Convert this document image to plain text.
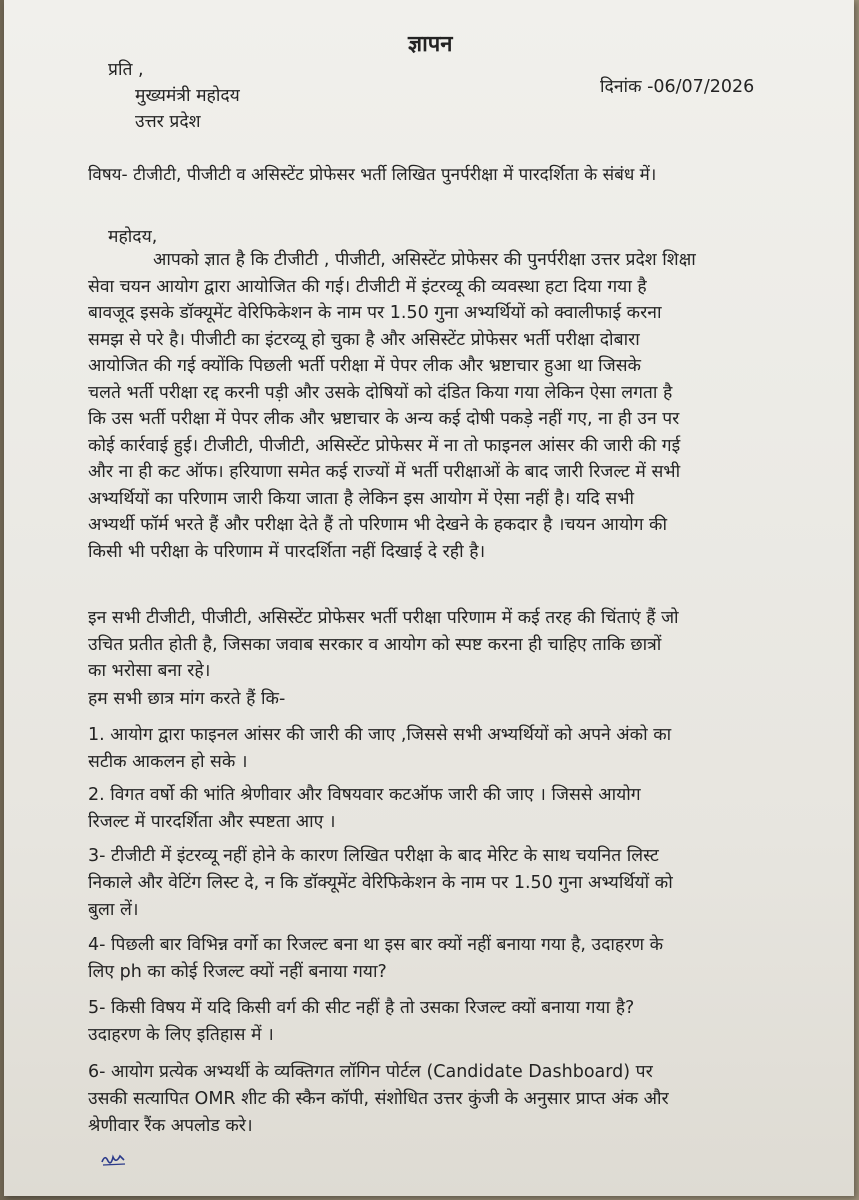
ज्ञापन
प्रति ,
मुख्यमंत्री महोदय
उत्तर प्रदेश
दिनांक -06/07/2026
विषय- टीजीटी, पीजीटी व असिस्टेंट प्रोफेसर भर्ती लिखित पुनर्परीक्षा में पारदर्शिता के संबंध में।
महोदय,
आपको ज्ञात है कि टीजीटी , पीजीटी, असिस्टेंट प्रोफेसर की पुनर्परीक्षा उत्तर प्रदेश शिक्षा
सेवा चयन आयोग द्वारा आयोजित की गई। टीजीटी में इंटरव्यू की व्यवस्था हटा दिया गया है
बावजूद इसके डॉक्यूमेंट वेरिफिकेशन के नाम पर 1.50 गुना अभ्यर्थियों को क्वालीफाई करना
समझ से परे है। पीजीटी का इंटरव्यू हो चुका है और असिस्टेंट प्रोफेसर भर्ती परीक्षा दोबारा
आयोजित की गई क्योंकि पिछली भर्ती परीक्षा में पेपर लीक और भ्रष्टाचार हुआ था जिसके
चलते भर्ती परीक्षा रद्द करनी पड़ी और उसके दोषियों को दंडित किया गया लेकिन ऐसा लगता है
कि उस भर्ती परीक्षा में पेपर लीक और भ्रष्टाचार के अन्य कई दोषी पकड़े नहीं गए, ना ही उन पर
कोई कार्रवाई हुई। टीजीटी, पीजीटी, असिस्टेंट प्रोफेसर में ना तो फाइनल आंसर की जारी की गई
और ना ही कट ऑफ। हरियाणा समेत कई राज्यों में भर्ती परीक्षाओं के बाद जारी रिजल्ट में सभी
अभ्यर्थियों का परिणाम जारी किया जाता है लेकिन इस आयोग में ऐसा नहीं है। यदि सभी
अभ्यर्थी फॉर्म भरते हैं और परीक्षा देते हैं तो परिणाम भी देखने के हकदार है ।चयन आयोग की
किसी भी परीक्षा के परिणाम में पारदर्शिता नहीं दिखाई दे रही है।
इन सभी टीजीटी, पीजीटी, असिस्टेंट प्रोफेसर भर्ती परीक्षा परिणाम में कई तरह की चिंताएं हैं जो
उचित प्रतीत होती है, जिसका जवाब सरकार व आयोग को स्पष्ट करना ही चाहिए ताकि छात्रों
का भरोसा बना रहे।
हम सभी छात्र मांग करते हैं कि-
1. आयोग द्वारा फाइनल आंसर की जारी की जाए ,जिससे सभी अभ्यर्थियों को अपने अंको का
सटीक आकलन हो सके ।
2. विगत वर्षो की भांति श्रेणीवार और विषयवार कटऑफ जारी की जाए । जिससे आयोग
रिजल्ट में पारदर्शिता और स्पष्टता आए ।
3- टीजीटी में इंटरव्यू नहीं होने के कारण लिखित परीक्षा के बाद मेरिट के साथ चयनित लिस्ट
निकाले और वेटिंग लिस्ट दे, न कि डॉक्यूमेंट वेरिफिकेशन के नाम पर 1.50 गुना अभ्यर्थियों को
बुला लें।
4- पिछली बार विभिन्न वर्गो का रिजल्ट बना था इस बार क्यों नहीं बनाया गया है, उदाहरण के
लिए ph का कोई रिजल्ट क्यों नहीं बनाया गया?
5- किसी विषय में यदि किसी वर्ग की सीट नहीं है तो उसका रिजल्ट क्यों बनाया गया है?
उदाहरण के लिए इतिहास में ।
6- आयोग प्रत्येक अभ्यर्थी के व्यक्तिगत लॉगिन पोर्टल (Candidate Dashboard) पर
उसकी सत्यापित OMR शीट की स्कैन कॉपी, संशोधित उत्तर कुंजी के अनुसार प्राप्त अंक और
श्रेणीवार रैंक अपलोड करे।
